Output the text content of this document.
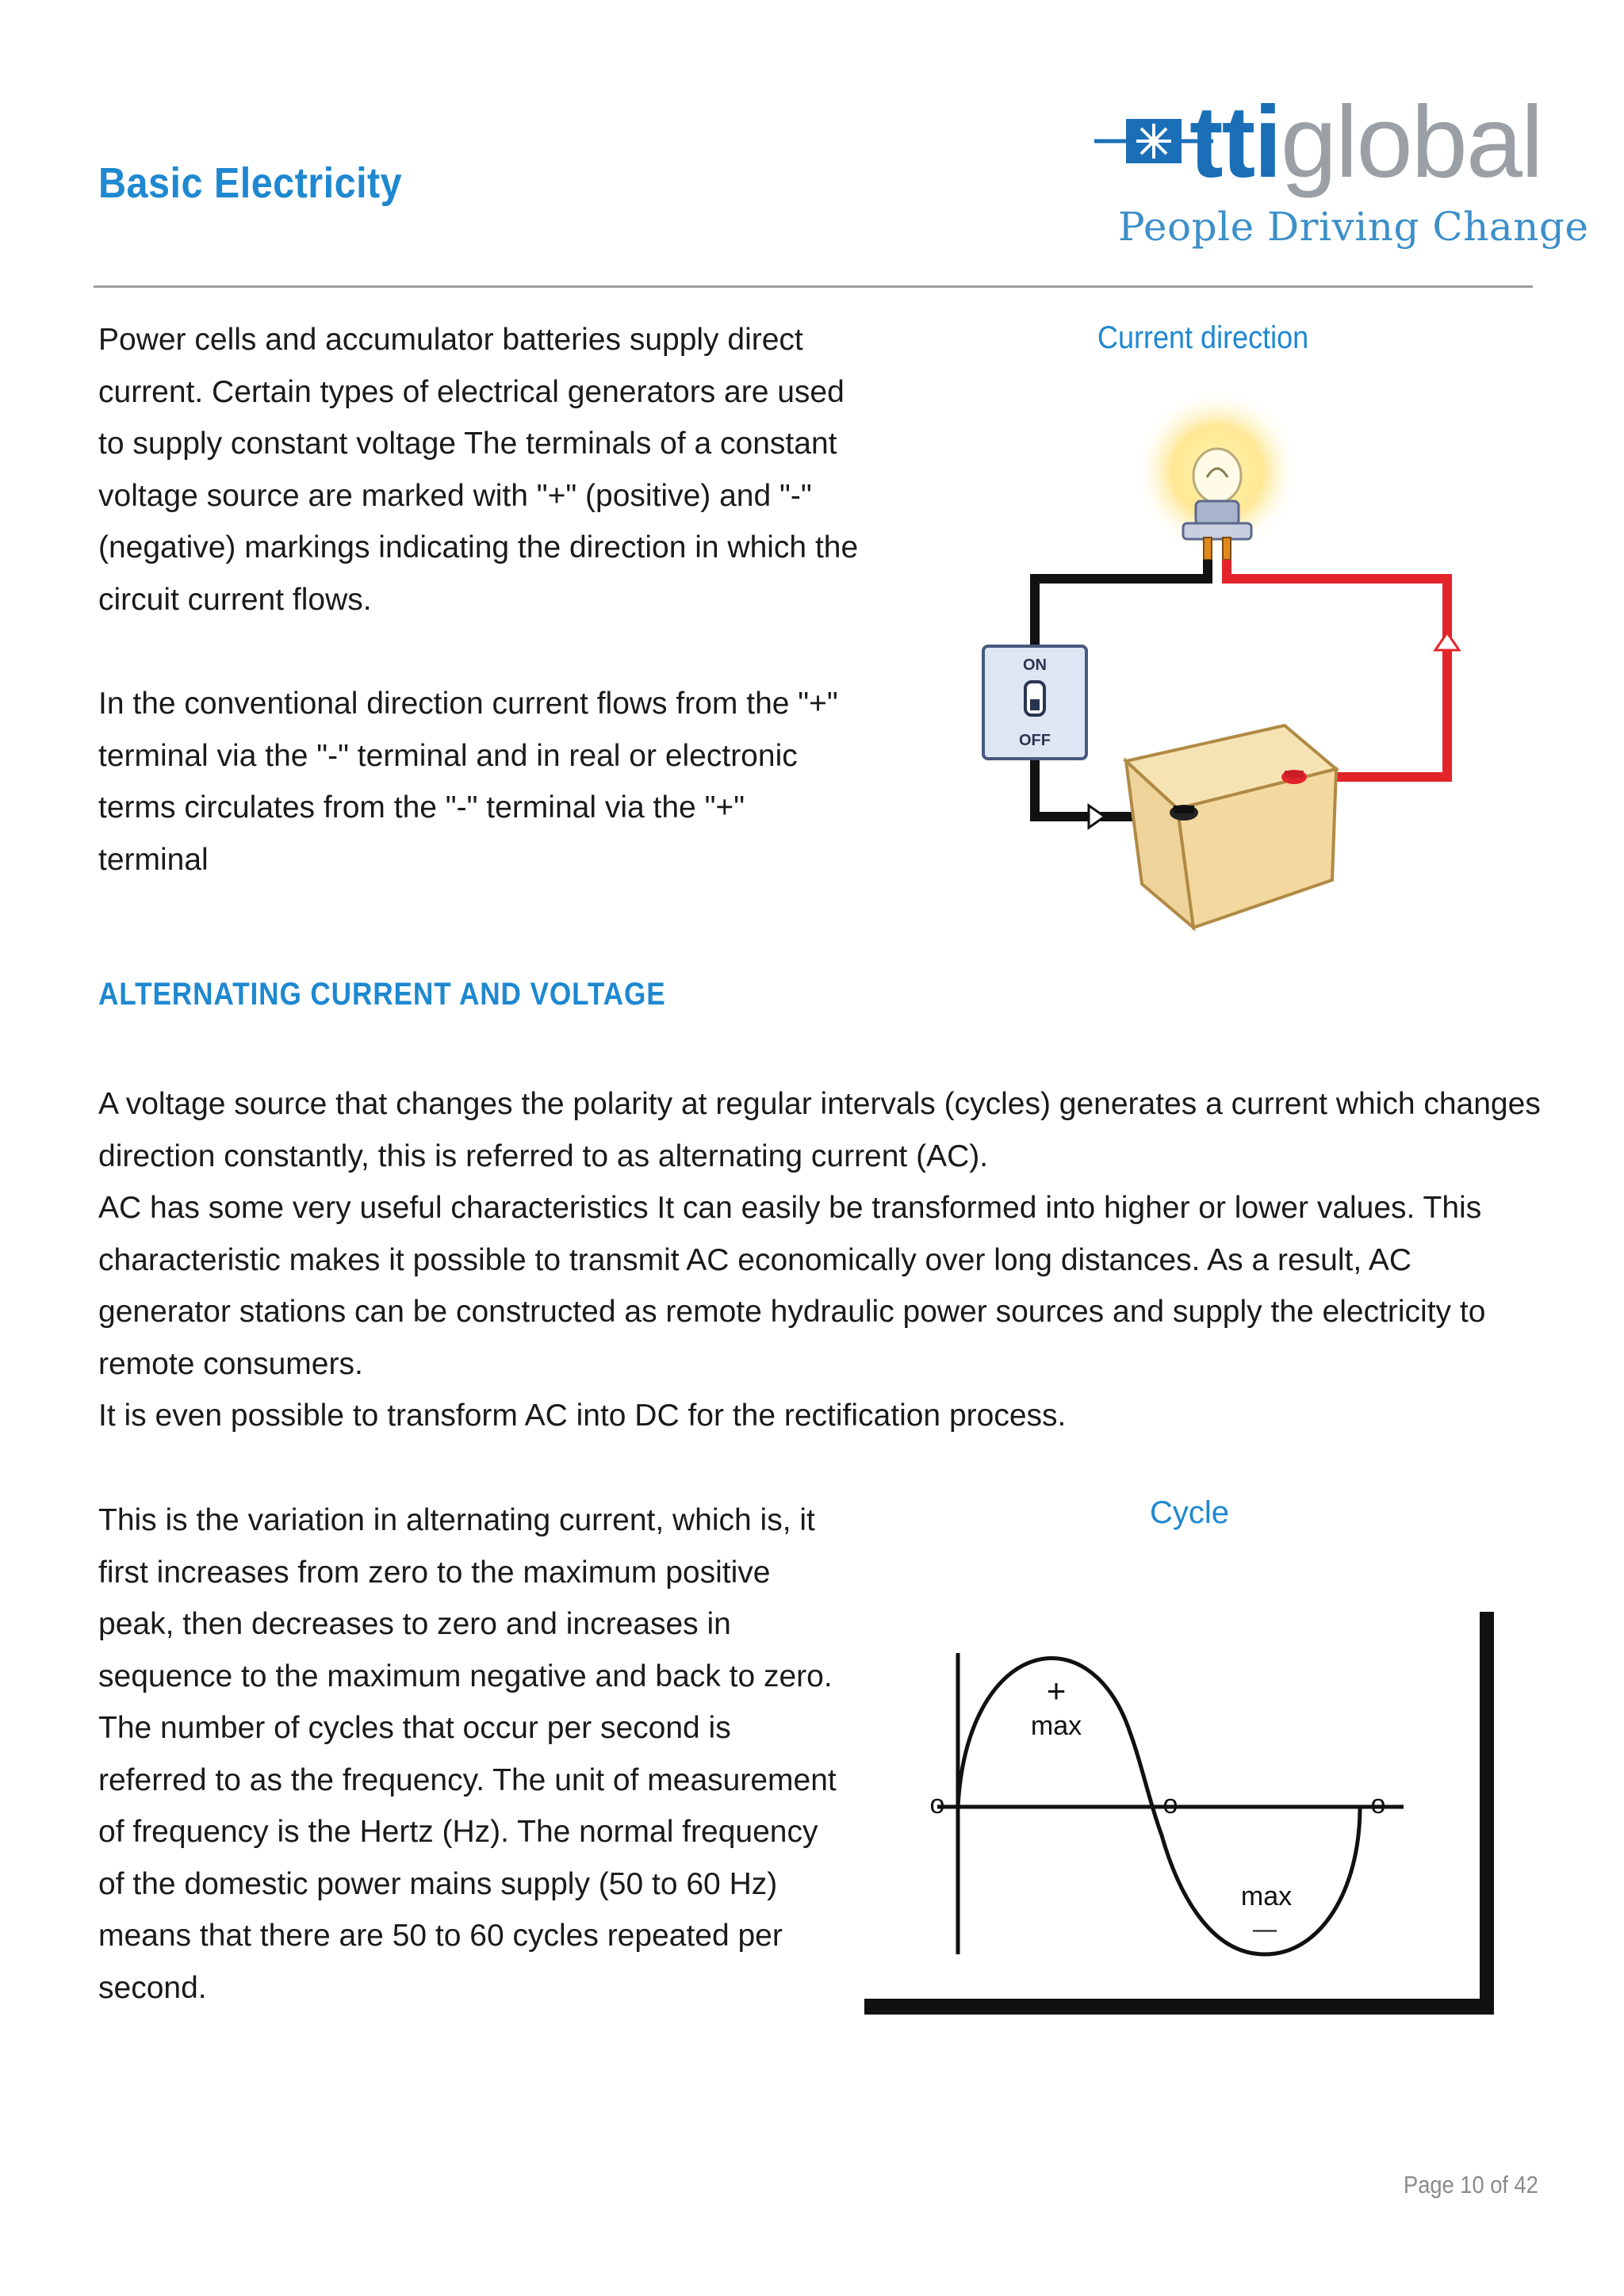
Basic Electricity	ttiglobal
People Driving Change

Power cells and accumulator batteries supply direct current. Certain types of electrical generators are used to supply constant voltage The terminals of a constant voltage source are marked with "+" (positive) and "-" (negative) markings indicating the direction in which the circuit current flows.

In the conventional direction current flows from the "+" terminal via the "-" terminal and in real or electronic terms circulates from the "-" terminal via the "+" terminal

Current direction
ON
OFF
ALTERNATING CURRENT AND VOLTAGE

A voltage source that changes the polarity at regular intervals (cycles) generates a current which changes direction constantly, this is referred to as alternating current (AC).

AC has some very useful characteristics It can easily be transformed into higher or lower values. This characteristic makes it possible to transmit AC economically over long distances. As a result, AC generator stations can be constructed as remote hydraulic power sources and supply the electricity to remote consumers.

It is even possible to transform AC into DC for the rectification process.

This is the variation in alternating current, which is, it first increases from zero to the maximum positive peak, then decreases to zero and increases in sequence to the maximum negative and back to zero. The number of cycles that occur per second is referred to as the frequency. The unit of measurement of frequency is the Hertz (Hz). The normal frequency of the domestic power mains supply (50 to 60 Hz) means that there are 50 to 60 cycles repeated per second.

Cycle
o	o	o
+
max
max
—
Page 10 of 42
